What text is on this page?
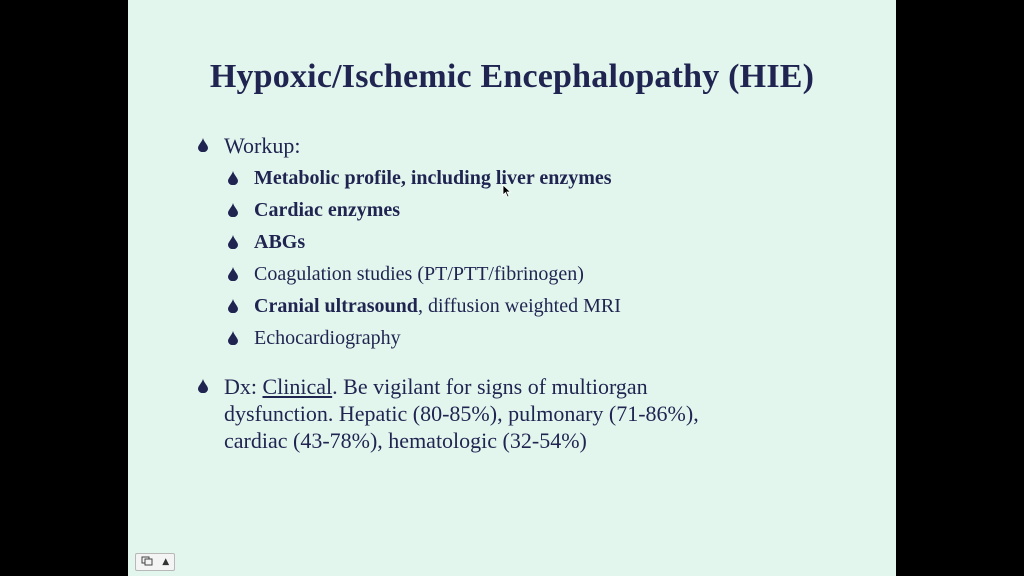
Hypoxic/Ischemic Encephalopathy (HIE)
Workup:
Metabolic profile, including liver enzymes
Cardiac enzymes
ABGs
Coagulation studies (PT/PTT/fibrinogen)
Cranial ultrasound, diffusion weighted MRI
Echocardiography
Dx: Clinical. Be vigilant for signs of multiorgan
dysfunction. Hepatic (80-85%), pulmonary (71-86%),
cardiac (43-78%), hematologic (32-54%)
▲
